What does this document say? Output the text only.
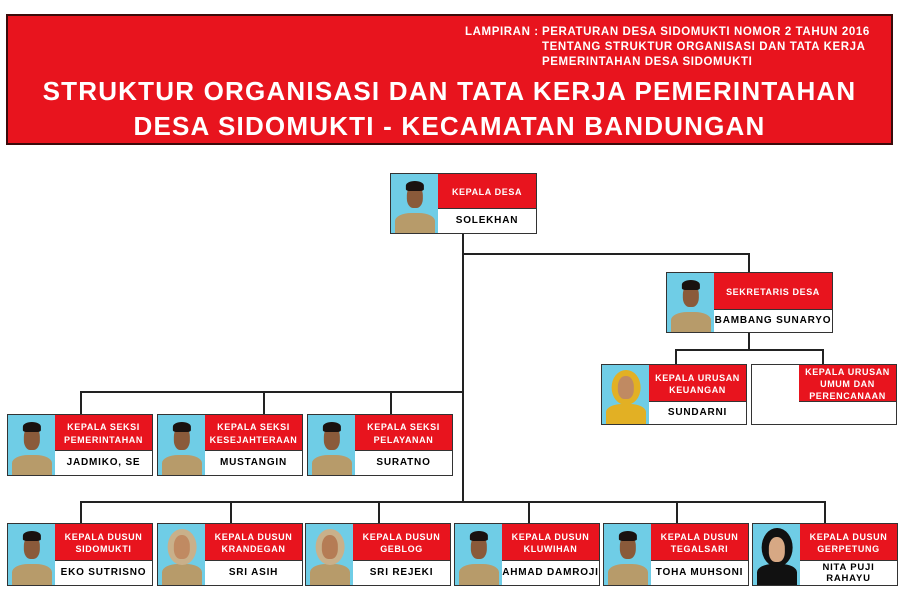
LAMPIRAN : PERATURAN DESA SIDOMUKTI NOMOR 2 TAHUN 2016
TENTANG STRUKTUR ORGANISASI DAN TATA KERJA
PEMERINTAHAN DESA SIDOMUKTI
STRUKTUR ORGANISASI DAN TATA KERJA PEMERINTAHAN
DESA SIDOMUKTI - KECAMATAN BANDUNGAN
KEPALA DESA
SOLEKHAN
SEKRETARIS DESA
BAMBANG SUNARYO
KEPALA URUSAN KEUANGAN
SUNDARNI
KEPALA URUSAN UMUM DAN PERENCANAAN
KEPALA SEKSI PEMERINTAHAN
JADMIKO, SE
KEPALA SEKSI KESEJAHTERAAN
MUSTANGIN
KEPALA SEKSI PELAYANAN
SURATNO
KEPALA DUSUN SIDOMUKTI
EKO SUTRISNO
KEPALA DUSUN KRANDEGAN
SRI ASIH
KEPALA DUSUN GEBLOG
SRI REJEKI
KEPALA DUSUN KLUWIHAN
AHMAD DAMROJI
KEPALA DUSUN TEGALSARI
TOHA MUHSONI
KEPALA DUSUN GERPETUNG
NITA PUJI RAHAYU
